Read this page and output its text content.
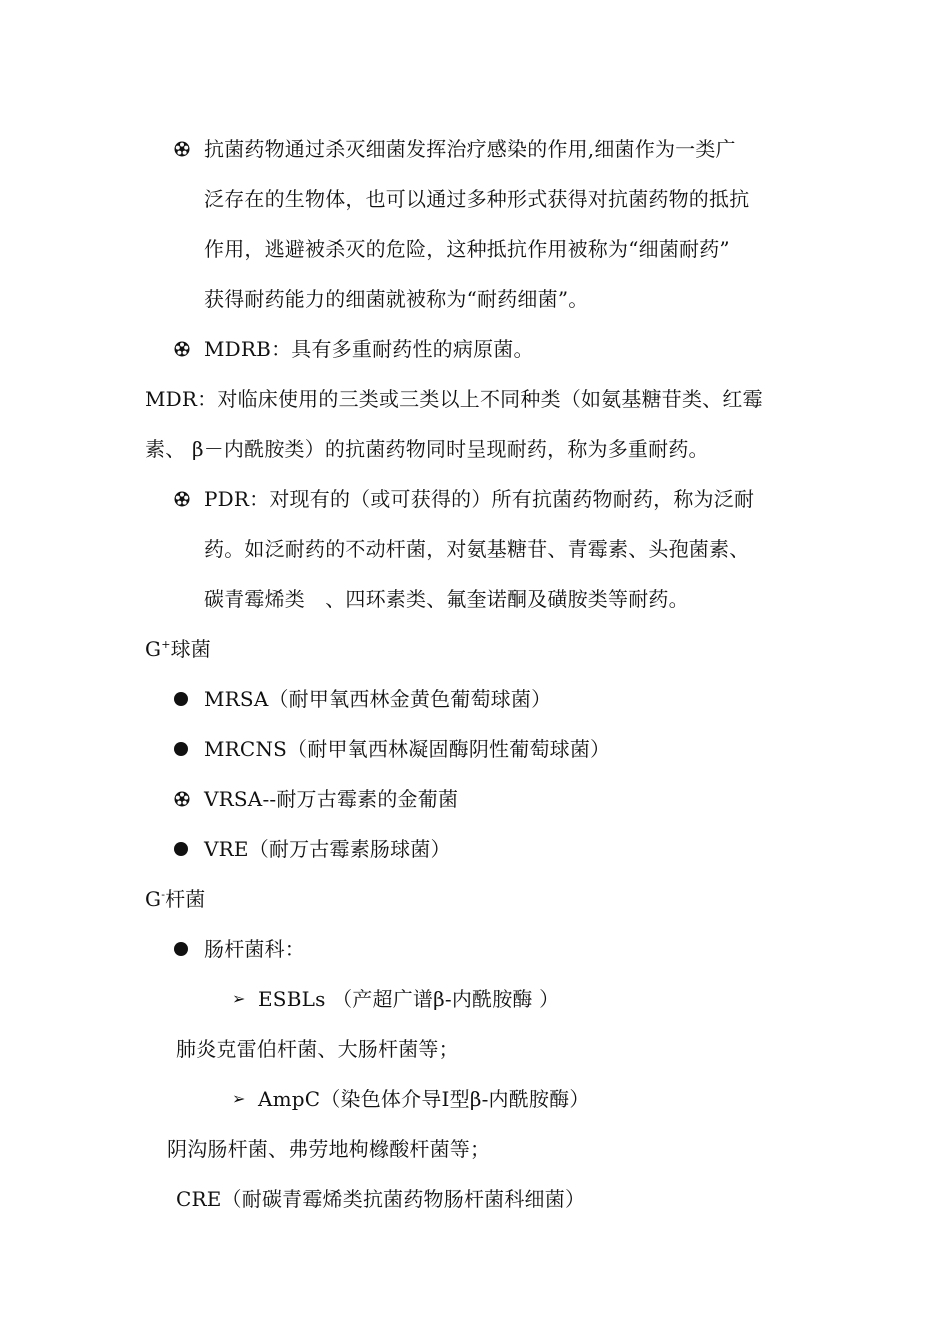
抗菌药物通过杀灭细菌发挥治疗感染的作用,细菌作为一类广
泛存在的生物体，也可以通过多种形式获得对抗菌药物的抵抗
作用，逃避被杀灭的危险，这种抵抗作用被称为“细菌耐药”
获得耐药能力的细菌就被称为“耐药细菌”。
MDRB：具有多重耐药性的病原菌。
MDR：对临床使用的三类或三类以上不同种类（如氨基糖苷类、红霉
素、 β－内酰胺类）的抗菌药物同时呈现耐药，称为多重耐药。
PDR：对现有的（或可获得的）所有抗菌药物耐药，称为泛耐
药。如泛耐药的不动杆菌，对氨基糖苷、青霉素、头孢菌素、
碳青霉烯类　、四环素类、氟奎诺酮及磺胺类等耐药。
G+球菌
MRSA（耐甲氧西林金黄色葡萄球菌）
MRCNS（耐甲氧西林凝固酶阴性葡萄球菌）
VRSA--耐万古霉素的金葡菌
VRE（耐万古霉素肠球菌）
G-杆菌
肠杆菌科：
➢ ESBLs （产超广谱β-内酰胺酶 ）
肺炎克雷伯杆菌、大肠杆菌等；
➢ AmpC（染色体介导Ⅰ型β-内酰胺酶）
阴沟肠杆菌、弗劳地枸橼酸杆菌等；
CRE（耐碳青霉烯类抗菌药物肠杆菌科细菌）
